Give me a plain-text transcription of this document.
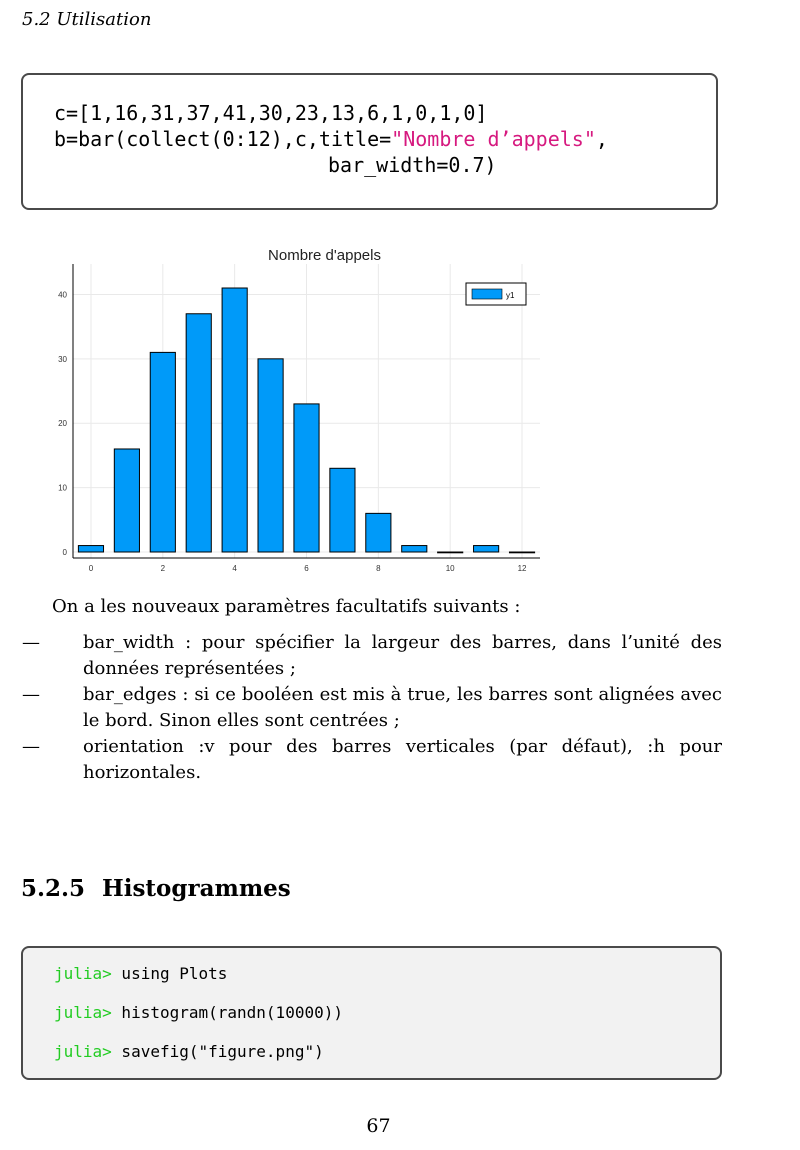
5.2 Utilisation
c=[1,16,31,37,41,30,23,13,6,1,0,1,0]
b=bar(collect(0:12),c,title="Nombre d’appels",
bar_width=0.7)
0
10
20
30
40
0	2	4	6	8	10	12
Nombre d'appels
y1
On a les nouveaux paramètres facultatifs suivants :
— bar_width : pour spécifier la largeur des barres, dans l’unité des données représentées ;
— bar_edges : si ce booléen est mis à true, les barres sont alignées avec le bord. Sinon elles sont centrées ;
— orientation :v pour des barres verticales (par défaut), :h pour horizontales.
5.2.5 Histogrammes
julia> using Plots
julia> histogram(randn(10000))
julia> savefig("figure.png")
67
